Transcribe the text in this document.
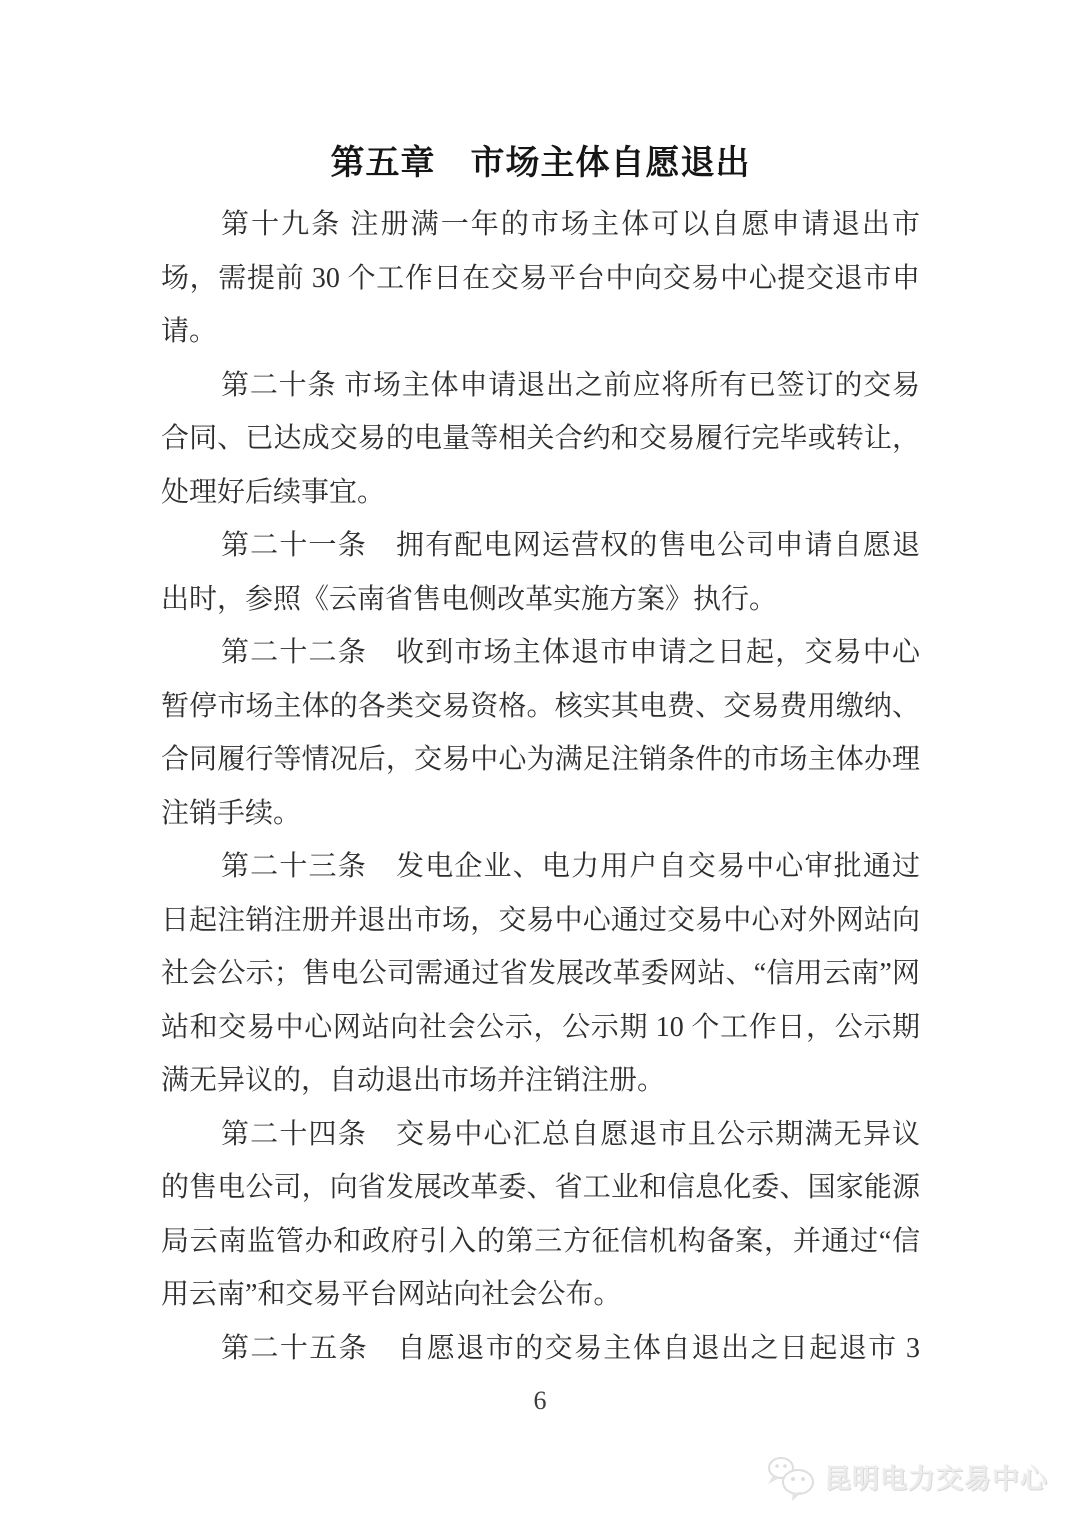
第五章　市场主体自愿退出

第十九条 注册满一年的市场主体可以自愿申请退出市场，需提前 30 个工作日在交易平台中向交易中心提交退市申请。

第二十条 市场主体申请退出之前应将所有已签订的交易合同、已达成交易的电量等相关合约和交易履行完毕或转让，处理好后续事宜。

第二十一条　拥有配电网运营权的售电公司申请自愿退出时，参照《云南省售电侧改革实施方案》执行。

第二十二条　收到市场主体退市申请之日起，交易中心暂停市场主体的各类交易资格。核实其电费、交易费用缴纳、合同履行等情况后，交易中心为满足注销条件的市场主体办理注销手续。

第二十三条　发电企业、电力用户自交易中心审批通过日起注销注册并退出市场，交易中心通过交易中心对外网站向社会公示；售电公司需通过省发展改革委网站、“信用云南”网站和交易中心网站向社会公示，公示期 10 个工作日，公示期满无异议的，自动退出市场并注销注册。

第二十四条　交易中心汇总自愿退市且公示期满无异议的售电公司，向省发展改革委、省工业和信息化委、国家能源局云南监管办和政府引入的第三方征信机构备案，并通过“信用云南”和交易平台网站向社会公布。

第二十五条　自愿退市的交易主体自退出之日起退市 3

6
昆明电力交易中心
